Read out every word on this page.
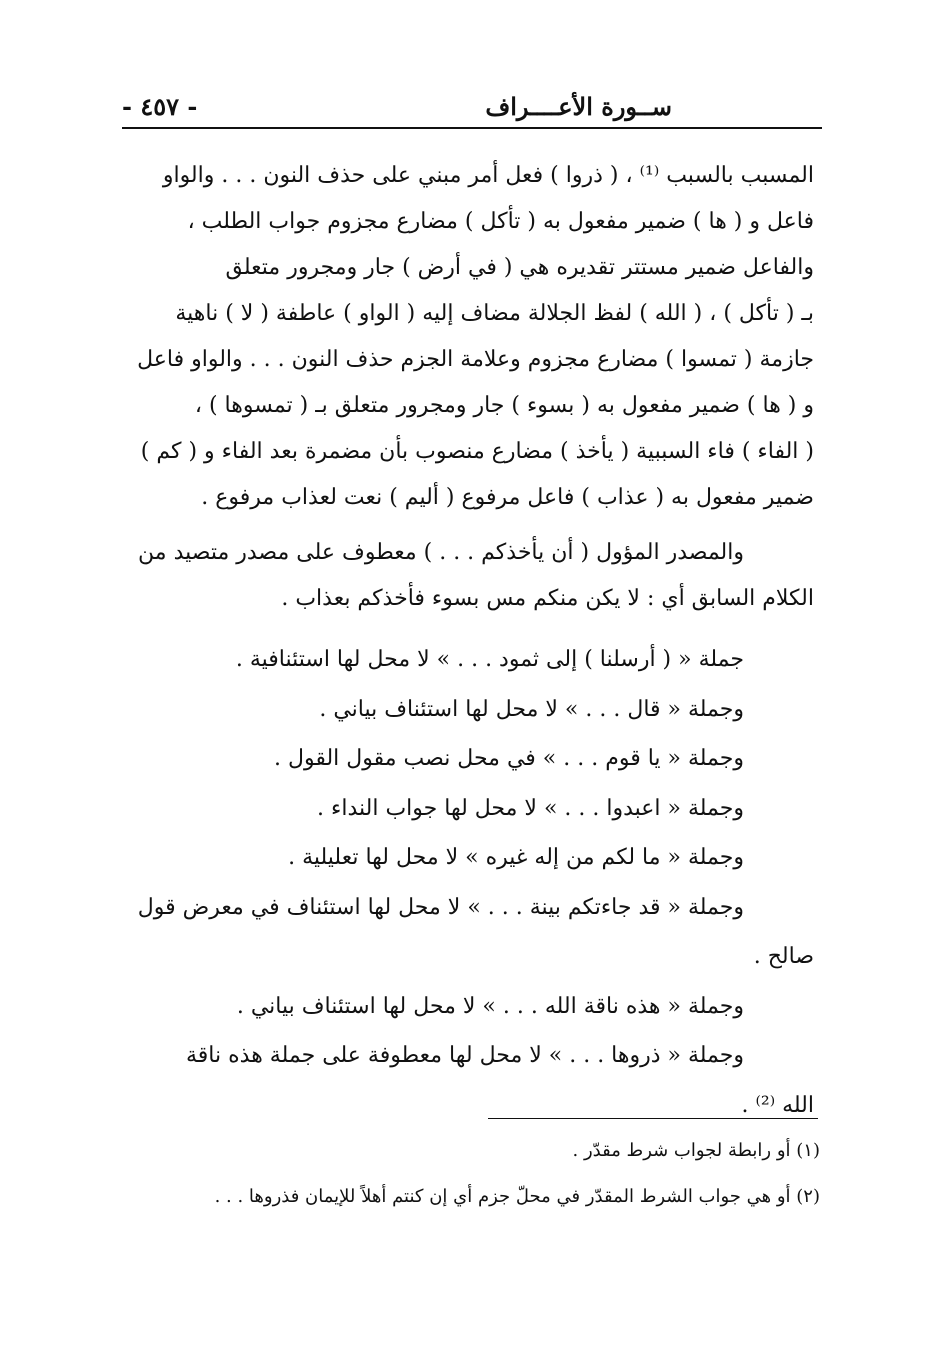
ســورة الأعــــراف
- ٤٥٧ -
المسبب بالسبب ⁽¹⁾ ، ( ذروا ) فعل أمر مبني على حذف النون . . . والواو
فاعل و ( ها ) ضمير مفعول به ( تأكل ) مضارع مجزوم جواب الطلب ،
والفاعل ضمير مستتر تقديره هي ( في أرض ) جار ومجرور متعلق
بـ ( تأكل ) ، ( الله ) لفظ الجلالة مضاف إليه ( الواو ) عاطفة ( لا ) ناهية
جازمة ( تمسوا ) مضارع مجزوم وعلامة الجزم حذف النون . . . والواو فاعل
و ( ها ) ضمير مفعول به ( بسوء ) جار ومجرور متعلق بـ ( تمسوها ) ،
( الفاء ) فاء السببية ( يأخذ ) مضارع منصوب بأن مضمرة بعد الفاء و ( كم )
ضمير مفعول به ( عذاب ) فاعل مرفوع ( أليم ) نعت لعذاب مرفوع .
والمصدر المؤول ( أن يأخذكم . . . ) معطوف على مصدر متصيد من
الكلام السابق أي : لا يكن منكم مس بسوء فأخذكم بعذاب .
جملة « ( أرسلنا ) إلى ثمود . . . » لا محل لها استئنافية .
وجملة « قال . . . » لا محل لها استئناف بياني .
وجملة « يا قوم . . . » في محل نصب مقول القول .
وجملة « اعبدوا . . . » لا محل لها جواب النداء .
وجملة « ما لكم من إله غيره » لا محل لها تعليلية .
وجملة « قد جاءتكم بينة . . . » لا محل لها استئناف في معرض قول
صالح .
وجملة « هذه ناقة الله . . . » لا محل لها استئناف بياني .
وجملة « ذروها . . . » لا محل لها معطوفة على جملة هذه ناقة
الله ⁽²⁾ .
(١) أو رابطة لجواب شرط مقدّر .
(٢) أو هي جواب الشرط المقدّر في محلّ جزم أي إن كنتم أهلاً للإيمان فذروها . . .
